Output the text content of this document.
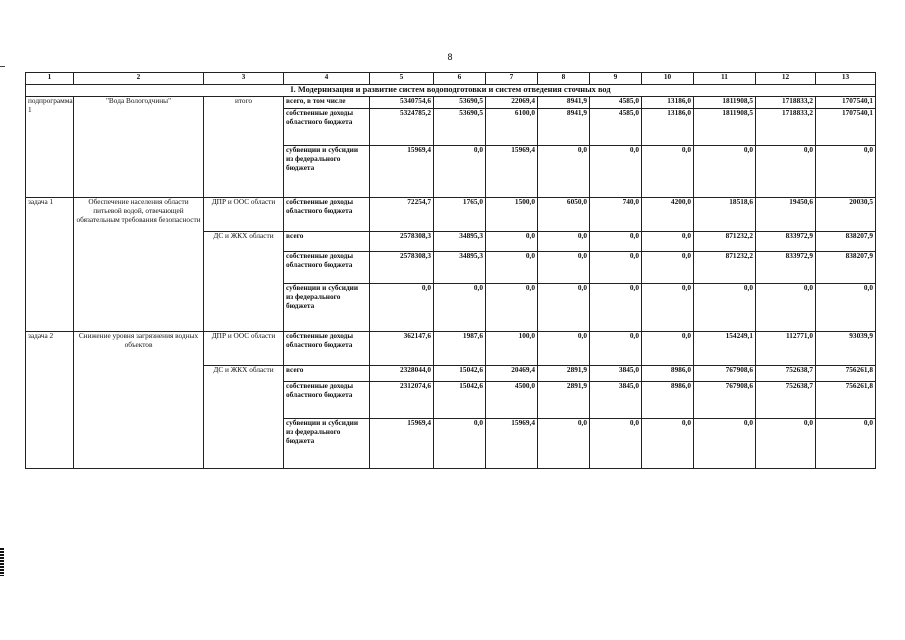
8
1	2	3	4	5	6	7	8	9	10	11	12	13
I. Модернизация и развитие систем водоподготовки и систем отведения сточных вод												
подпрограмма 1	"Вода Вологодчины"	итого	всего, в том числе	5340754,6	53690,5	22069,4	8941,9	4585,0	13186,0	1811908,5	1718833,2	1707540,1
			собственные доходы областного бюджета	5324785,2	53690,5	6100,0	8941,9	4585,0	13186,0	1811908,5	1718833,2	1707540,1
			субвенции и субсидии из федерального бюджета	15969,4	0,0	15969,4	0,0	0,0	0,0	0,0	0,0	0,0
задача 1	Обеспечение населения области питьевой водой, отвечающей обязательным требования безопасности	ДПР и ООС области	собственные доходы областного бюджета	72254,7	1765,0	1500,0	6050,0	740,0	4200,0	18518,6	19450,6	20030,5
		ДС и ЖКХ области	всего	2578308,3	34895,3	0,0	0,0	0,0	0,0	871232,2	833972,9	838207,9
			собственные доходы областного бюджета	2578308,3	34895,3	0,0	0,0	0,0	0,0	871232,2	833972,9	838207,9
			субвенции и субсидии из федерального бюджета	0,0	0,0	0,0	0,0	0,0	0,0	0,0	0,0	0,0
задача 2	Снижение уровня загрязнения водных объектов	ДПР и ООС области	собственные доходы областного бюджета	362147,6	1987,6	100,0	0,0	0,0	0,0	154249,1	112771,0	93039,9
		ДС и ЖКХ области	всего	2328044,0	15042,6	20469,4	2891,9	3845,0	8986,0	767908,6	752638,7	756261,8
			собственные доходы областного бюджета	2312074,6	15042,6	4500,0	2891,9	3845,0	8986,0	767908,6	752638,7	756261,8
			субвенции и субсидии из федерального бюджета	15969,4	0,0	15969,4	0,0	0,0	0,0	0,0	0,0	0,0
